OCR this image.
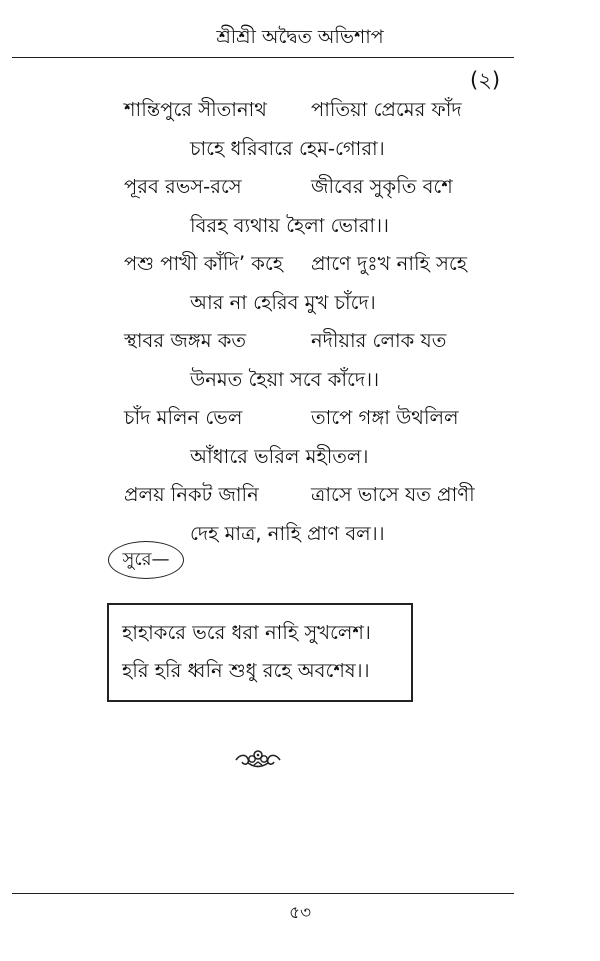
শ্রীশ্রী অদ্বৈত অভিশাপ
(২)
শান্তিপুরে সীতানাথ পাতিয়া প্রেমের ফাঁদ
চাহে ধরিবারে হেম-গোরা।
পূরব রভস-রসে	জীবের সুকৃতি বশে
বিরহ ব্যথায় হৈলা ভোরা।।
পশু পাখী কাঁদি’ কহে প্রাণে দুঃখ নাহি সহে
আর না হেরিব মুখ চাঁদে।
স্থাবর জঙ্গম কত	নদীয়ার লোক যত
উনমত হৈয়া সবে কাঁদে।।
চাঁদ মলিন ভেল	তাপে গঙ্গা উথলিল
আঁধারে ভরিল মহীতল।
প্রলয় নিকট জানি	ত্রাসে ভাসে যত প্রাণী
দেহ মাত্র, নাহি প্রাণ বল।।
সুরে—
হাহাকরে ভরে ধরা নাহি সুখলেশ।
হরি হরি ধ্বনি শুধু রহে অবশেষ।।
৫৩
